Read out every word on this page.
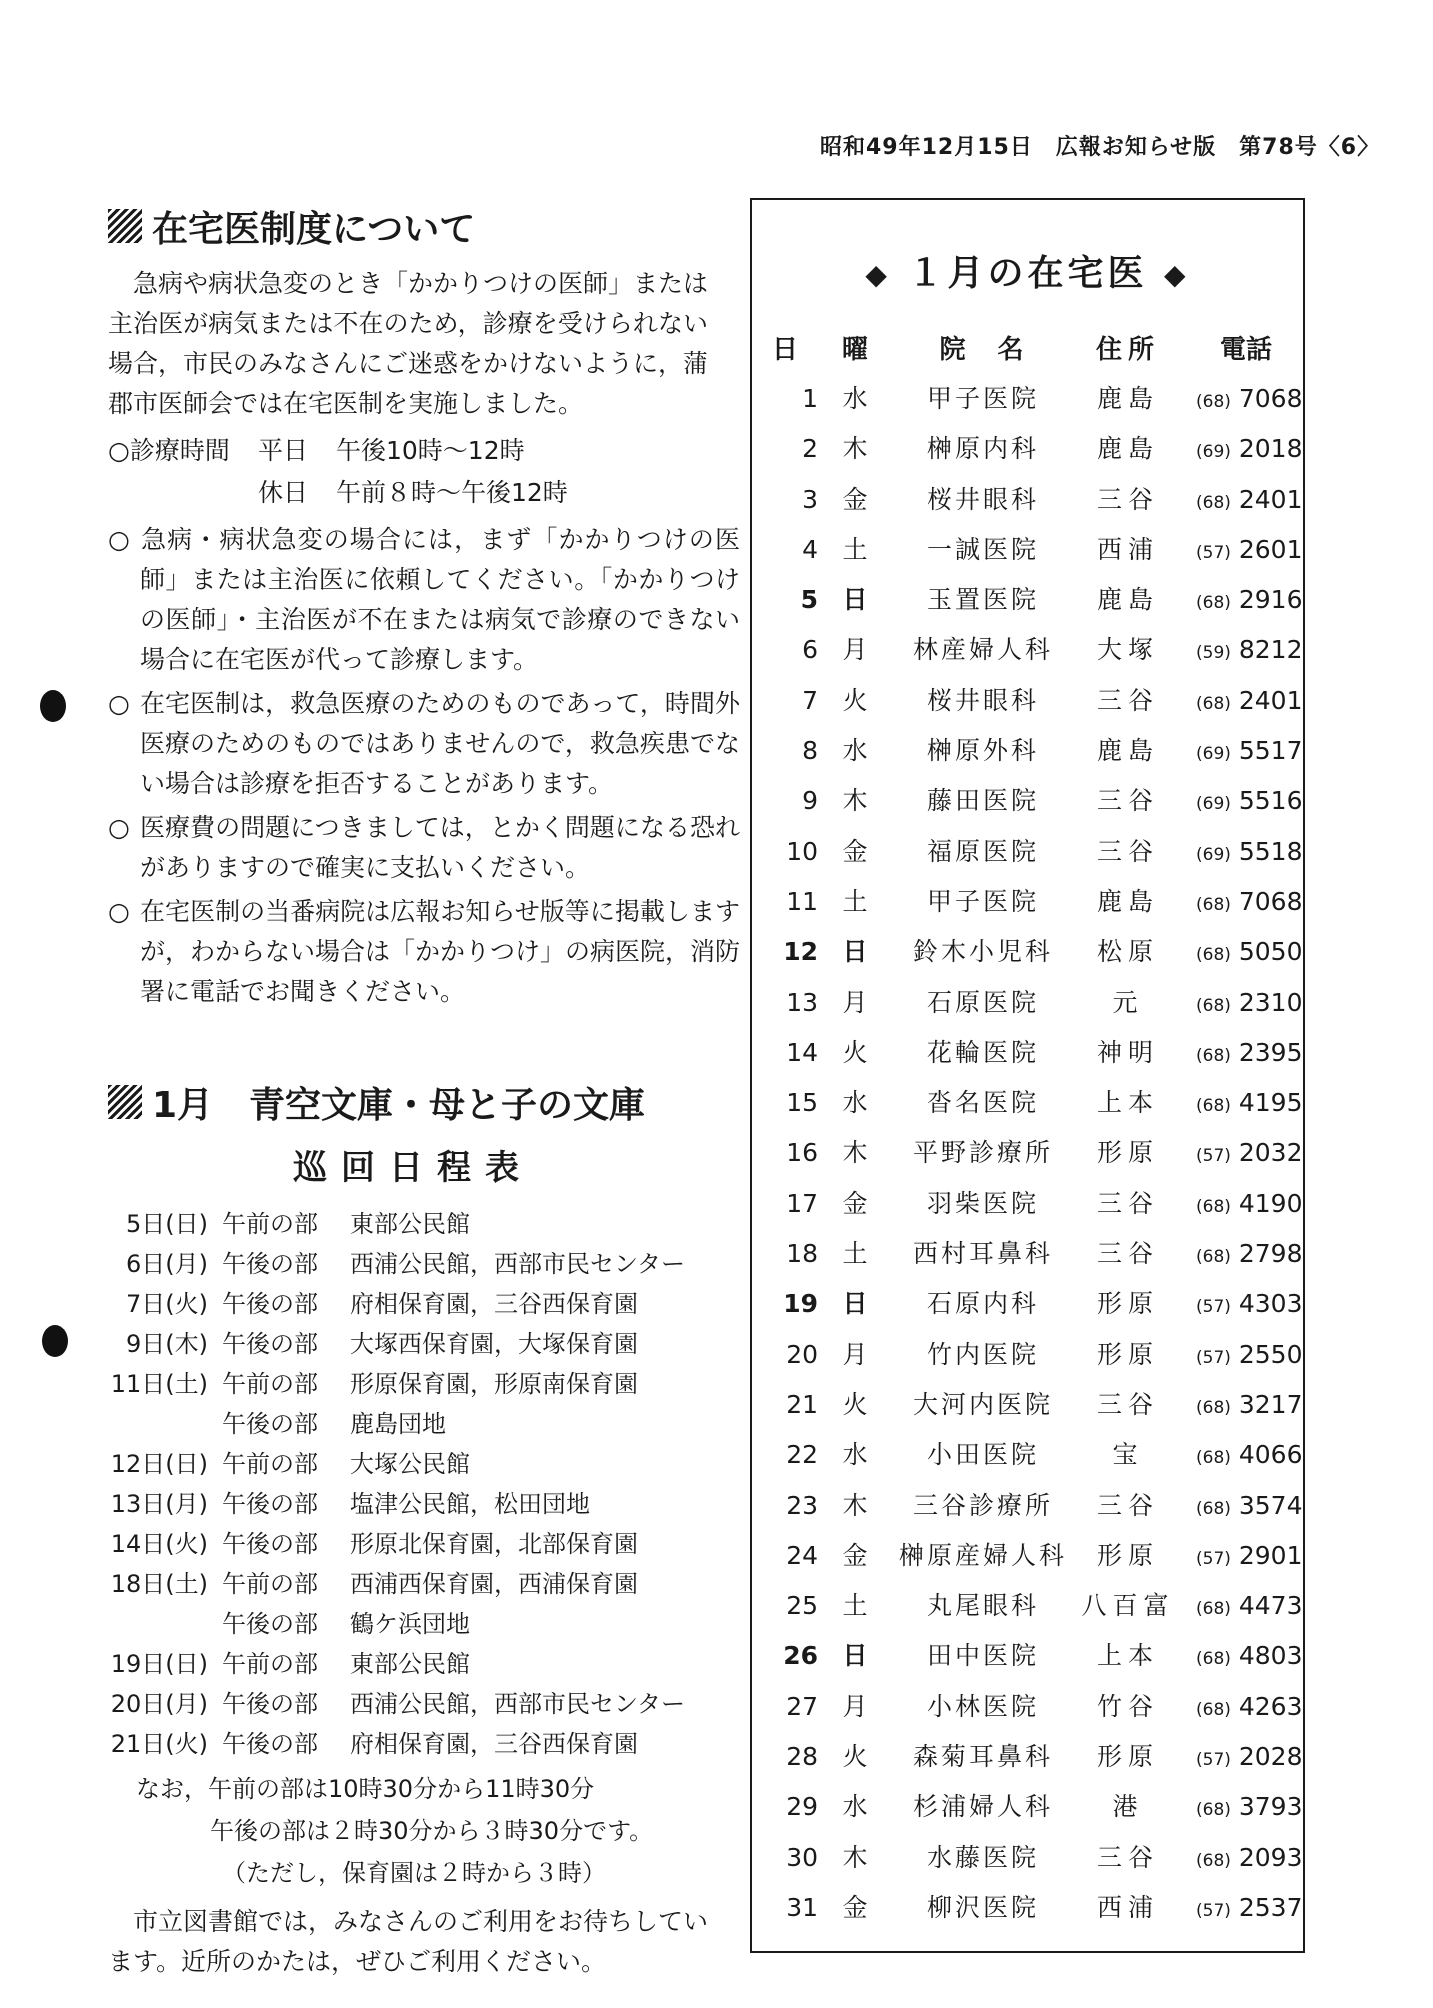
昭和49年12月15日　広報お知らせ版　第78号〈6〉
在宅医制度について
急病や病状急変のとき「かかりつけの医師」または主治医が病気または不在のため，診療を受けられない場合，市民のみなさんにご迷惑をかけないように，蒲郡市医師会では在宅医制を実施しました。
○診療時間	平日	午後10時～12時
休日	午前８時～午後12時
○ 急病・病状急変の場合には，まず「かかりつけの医師」または主治医に依頼してください。「かかりつけの医師」・主治医が不在または病気で診療のできない場合に在宅医が代って診療します。
○ 在宅医制は，救急医療のためのものであって，時間外医療のためのものではありませんので，救急疾患でない場合は診療を拒否することがあります。
○ 医療費の問題につきましては，とかく問題になる恐れがありますので確実に支払いください。
○ 在宅医制の当番病院は広報お知らせ版等に掲載しますが，わからない場合は「かかりつけ」の病医院，消防署に電話でお聞きください。
1月　青空文庫・母と子の文庫
巡回日程表
5日(日) 午前の部	東部公民館
6日(月) 午後の部	西浦公民館，西部市民センター
7日(火) 午後の部	府相保育園，三谷西保育園
9日(木) 午後の部	大塚西保育園，大塚保育園
11日(土) 午前の部	形原保育園，形原南保育園
午後の部	鹿島団地
12日(日) 午前の部	大塚公民館
13日(月) 午後の部	塩津公民館，松田団地
14日(火) 午後の部	形原北保育園，北部保育園
18日(土) 午前の部	西浦西保育園，西浦保育園
午後の部	鶴ケ浜団地
19日(日) 午前の部	東部公民館
20日(月) 午後の部	西浦公民館，西部市民センター
21日(火) 午後の部	府相保育園，三谷西保育園
なお，午前の部は10時30分から11時30分
午後の部は２時30分から３時30分です。
（ただし，保育園は２時から３時）
市立図書館では，みなさんのご利用をお待ちしています。近所のかたは，ぜひご利用ください。
◆ １月の在宅医 ◆
日	曜	院　名	住所	電話
1 水	甲子医院	鹿島	(68) 7068
2 木	榊原内科	鹿島	(69) 2018
3 金	桜井眼科	三谷	(68) 2401
4 土	一誠医院	西浦	(57) 2601
5 日	玉置医院	鹿島	(68) 2916
6 月	林産婦人科	大塚	(59) 8212
7 火	桜井眼科	三谷	(68) 2401
8 水	榊原外科	鹿島	(69) 5517
9 木	藤田医院	三谷	(69) 5516
10 金	福原医院	三谷	(69) 5518
11 土	甲子医院	鹿島	(68) 7068
12 日	鈴木小児科	松原	(68) 5050
13 月	石原医院	元	(68) 2310
14 火	花輪医院	神明	(68) 2395
15 水	沓名医院	上本	(68) 4195
16 木	平野診療所	形原	(57) 2032
17 金	羽柴医院	三谷	(68) 4190
18 土	西村耳鼻科	三谷	(68) 2798
19 日	石原内科	形原	(57) 4303
20 月	竹内医院	形原	(57) 2550
21 火	大河内医院	三谷	(68) 3217
22 水	小田医院	宝	(68) 4066
23 木	三谷診療所	三谷	(68) 3574
24 金	榊原産婦人科	形原	(57) 2901
25 土	丸尾眼科	八百富	(68) 4473
26 日	田中医院	上本	(68) 4803
27 月	小林医院	竹谷	(68) 4263
28 火	森菊耳鼻科	形原	(57) 2028
29 水	杉浦婦人科	港	(68) 3793
30 木	水藤医院	三谷	(68) 2093
31 金	柳沢医院	西浦	(57) 2537
